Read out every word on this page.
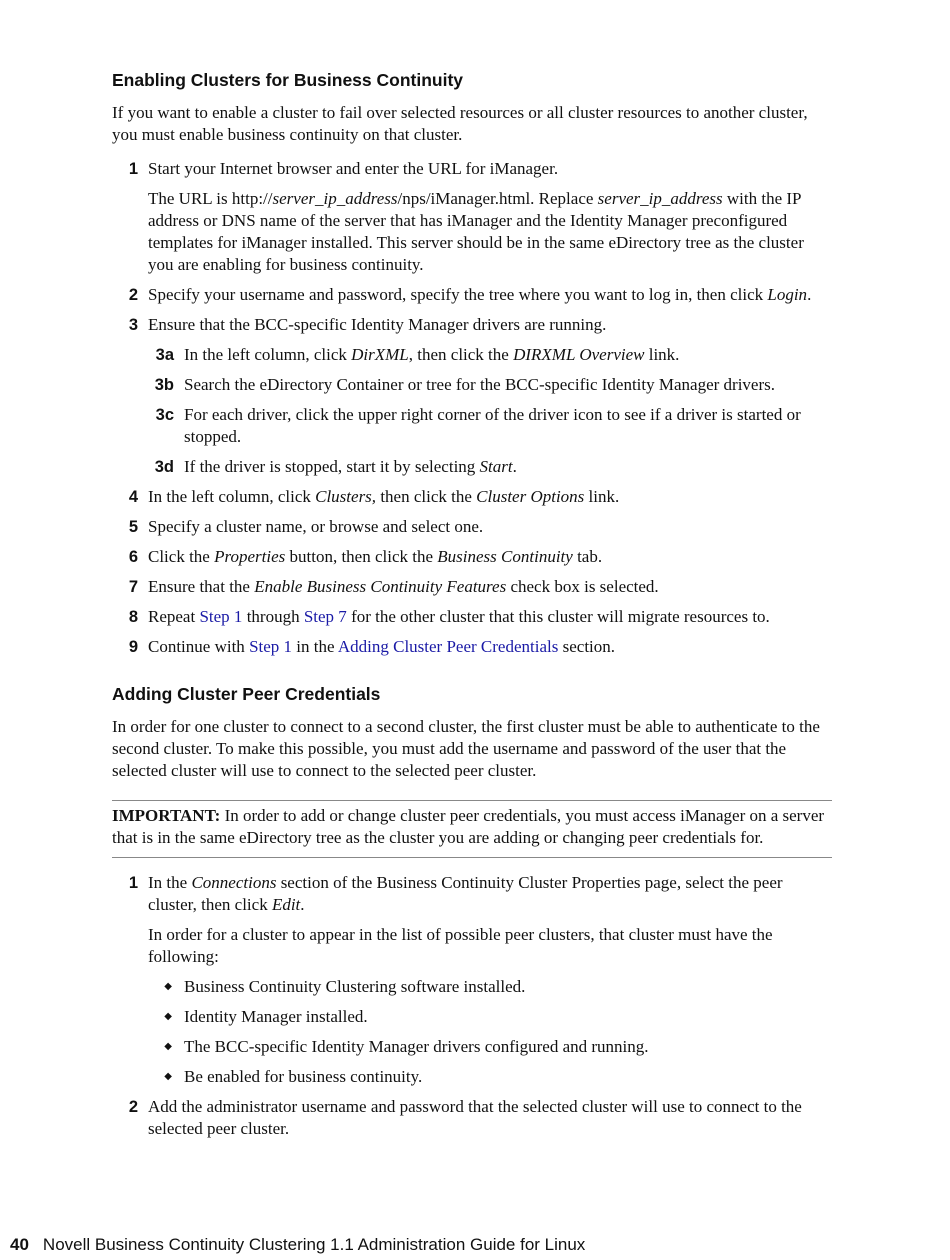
Enabling Clusters for Business Continuity

If you want to enable a cluster to fail over selected resources or all cluster resources to another cluster, you must enable business continuity on that cluster.

1 Start your Internet browser and enter the URL for iManager.

The URL is http://server_ip_address/nps/iManager.html. Replace server_ip_address with the IP address or DNS name of the server that has iManager and the Identity Manager preconfigured templates for iManager installed. This server should be in the same eDirectory tree as the cluster you are enabling for business continuity.

2 Specify your username and password, specify the tree where you want to log in, then click Login.

3 Ensure that the BCC-specific Identity Manager drivers are running.

3a In the left column, click DirXML, then click the DIRXML Overview link.

3b Search the eDirectory Container or tree for the BCC-specific Identity Manager drivers.

3c For each driver, click the upper right corner of the driver icon to see if a driver is started or stopped.

3d If the driver is stopped, start it by selecting Start.

4 In the left column, click Clusters, then click the Cluster Options link.

5 Specify a cluster name, or browse and select one.

6 Click the Properties button, then click the Business Continuity tab.

7 Ensure that the Enable Business Continuity Features check box is selected.

8 Repeat Step 1 through Step 7 for the other cluster that this cluster will migrate resources to.

9 Continue with Step 1 in the Adding Cluster Peer Credentials section.

Adding Cluster Peer Credentials

In order for one cluster to connect to a second cluster, the first cluster must be able to authenticate to the second cluster. To make this possible, you must add the username and password of the user that the selected cluster will use to connect to the selected peer cluster.

IMPORTANT: In order to add or change cluster peer credentials, you must access iManager on a server that is in the same eDirectory tree as the cluster you are adding or changing peer credentials for.

1 In the Connections section of the Business Continuity Cluster Properties page, select the peer cluster, then click Edit.

In order for a cluster to appear in the list of possible peer clusters, that cluster must have the following:

◆ Business Continuity Clustering software installed.
◆ Identity Manager installed.
◆ The BCC-specific Identity Manager drivers configured and running.
◆ Be enabled for business continuity.
2 Add the administrator username and password that the selected cluster will use to connect to the selected peer cluster.

40 Novell Business Continuity Clustering 1.1 Administration Guide for Linux
